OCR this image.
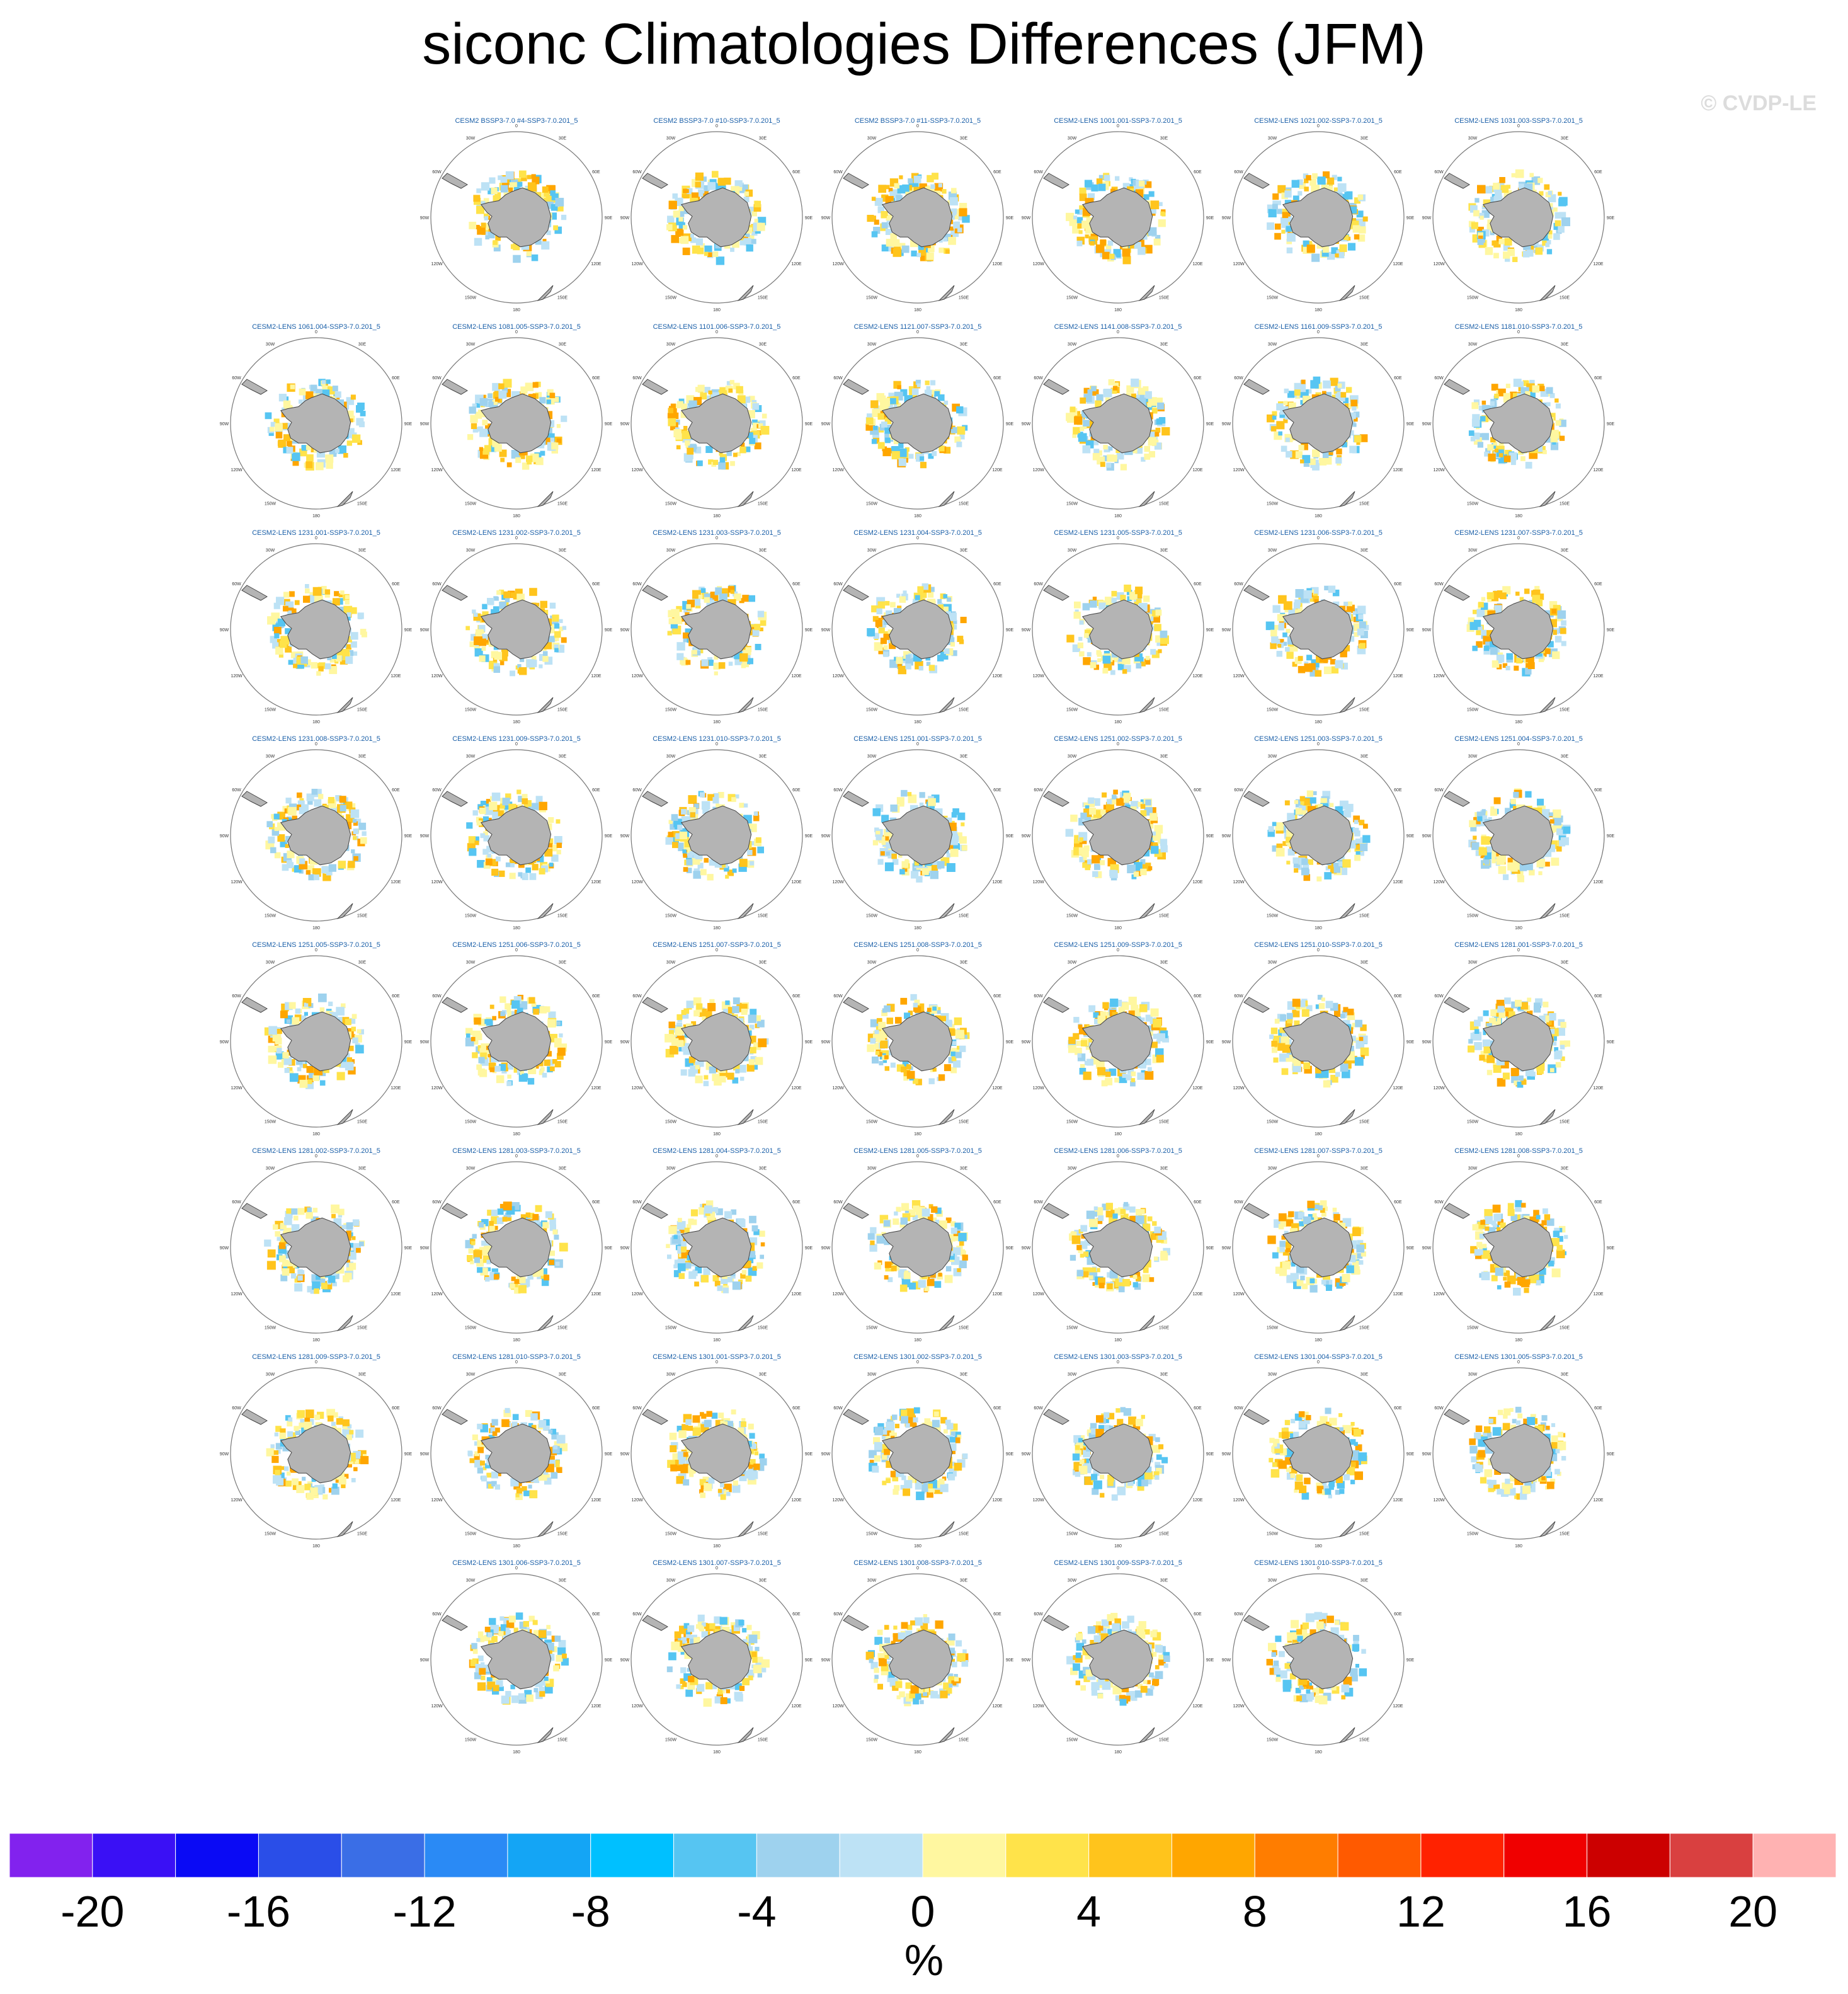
siconc Climatologies Differences (JFM)
© CVDP-LE
CESM2 BSSP3-7.0 #4-SSP3-7.0.201_5
0
30E
60E
90E
120E
150E
180
150W
120W
90W
60W
30W
CESM2 BSSP3-7.0 #10-SSP3-7.0.201_5
0
30E
60E
90E
120E
150E
180
150W
120W
90W
60W
30W
CESM2 BSSP3-7.0 #11-SSP3-7.0.201_5
0
30E
60E
90E
120E
150E
180
150W
120W
90W
60W
30W
CESM2-LENS 1001.001-SSP3-7.0.201_5
0
30E
60E
90E
120E
150E
180
150W
120W
90W
60W
30W
CESM2-LENS 1021.002-SSP3-7.0.201_5
0
30E
60E
90E
120E
150E
180
150W
120W
90W
60W
30W
CESM2-LENS 1031.003-SSP3-7.0.201_5
0
30E
60E
90E
120E
150E
180
150W
120W
90W
60W
30W
CESM2-LENS 1061.004-SSP3-7.0.201_5
0
30E
60E
90E
120E
150E
180
150W
120W
90W
60W
30W
CESM2-LENS 1081.005-SSP3-7.0.201_5
0
30E
60E
90E
120E
150E
180
150W
120W
90W
60W
30W
CESM2-LENS 1101.006-SSP3-7.0.201_5
0
30E
60E
90E
120E
150E
180
150W
120W
90W
60W
30W
CESM2-LENS 1121.007-SSP3-7.0.201_5
0
30E
60E
90E
120E
150E
180
150W
120W
90W
60W
30W
CESM2-LENS 1141.008-SSP3-7.0.201_5
0
30E
60E
90E
120E
150E
180
150W
120W
90W
60W
30W
CESM2-LENS 1161.009-SSP3-7.0.201_5
0
30E
60E
90E
120E
150E
180
150W
120W
90W
60W
30W
CESM2-LENS 1181.010-SSP3-7.0.201_5
0
30E
60E
90E
120E
150E
180
150W
120W
90W
60W
30W
CESM2-LENS 1231.001-SSP3-7.0.201_5
0
30E
60E
90E
120E
150E
180
150W
120W
90W
60W
30W
CESM2-LENS 1231.002-SSP3-7.0.201_5
0
30E
60E
90E
120E
150E
180
150W
120W
90W
60W
30W
CESM2-LENS 1231.003-SSP3-7.0.201_5
0
30E
60E
90E
120E
150E
180
150W
120W
90W
60W
30W
CESM2-LENS 1231.004-SSP3-7.0.201_5
0
30E
60E
90E
120E
150E
180
150W
120W
90W
60W
30W
CESM2-LENS 1231.005-SSP3-7.0.201_5
0
30E
60E
90E
120E
150E
180
150W
120W
90W
60W
30W
CESM2-LENS 1231.006-SSP3-7.0.201_5
0
30E
60E
90E
120E
150E
180
150W
120W
90W
60W
30W
CESM2-LENS 1231.007-SSP3-7.0.201_5
0
30E
60E
90E
120E
150E
180
150W
120W
90W
60W
30W
CESM2-LENS 1231.008-SSP3-7.0.201_5
0
30E
60E
90E
120E
150E
180
150W
120W
90W
60W
30W
CESM2-LENS 1231.009-SSP3-7.0.201_5
0
30E
60E
90E
120E
150E
180
150W
120W
90W
60W
30W
CESM2-LENS 1231.010-SSP3-7.0.201_5
0
30E
60E
90E
120E
150E
180
150W
120W
90W
60W
30W
CESM2-LENS 1251.001-SSP3-7.0.201_5
0
30E
60E
90E
120E
150E
180
150W
120W
90W
60W
30W
CESM2-LENS 1251.002-SSP3-7.0.201_5
0
30E
60E
90E
120E
150E
180
150W
120W
90W
60W
30W
CESM2-LENS 1251.003-SSP3-7.0.201_5
0
30E
60E
90E
120E
150E
180
150W
120W
90W
60W
30W
CESM2-LENS 1251.004-SSP3-7.0.201_5
0
30E
60E
90E
120E
150E
180
150W
120W
90W
60W
30W
CESM2-LENS 1251.005-SSP3-7.0.201_5
0
30E
60E
90E
120E
150E
180
150W
120W
90W
60W
30W
CESM2-LENS 1251.006-SSP3-7.0.201_5
0
30E
60E
90E
120E
150E
180
150W
120W
90W
60W
30W
CESM2-LENS 1251.007-SSP3-7.0.201_5
0
30E
60E
90E
120E
150E
180
150W
120W
90W
60W
30W
CESM2-LENS 1251.008-SSP3-7.0.201_5
0
30E
60E
90E
120E
150E
180
150W
120W
90W
60W
30W
CESM2-LENS 1251.009-SSP3-7.0.201_5
0
30E
60E
90E
120E
150E
180
150W
120W
90W
60W
30W
CESM2-LENS 1251.010-SSP3-7.0.201_5
0
30E
60E
90E
120E
150E
180
150W
120W
90W
60W
30W
CESM2-LENS 1281.001-SSP3-7.0.201_5
0
30E
60E
90E
120E
150E
180
150W
120W
90W
60W
30W
CESM2-LENS 1281.002-SSP3-7.0.201_5
0
30E
60E
90E
120E
150E
180
150W
120W
90W
60W
30W
CESM2-LENS 1281.003-SSP3-7.0.201_5
0
30E
60E
90E
120E
150E
180
150W
120W
90W
60W
30W
CESM2-LENS 1281.004-SSP3-7.0.201_5
0
30E
60E
90E
120E
150E
180
150W
120W
90W
60W
30W
CESM2-LENS 1281.005-SSP3-7.0.201_5
0
30E
60E
90E
120E
150E
180
150W
120W
90W
60W
30W
CESM2-LENS 1281.006-SSP3-7.0.201_5
0
30E
60E
90E
120E
150E
180
150W
120W
90W
60W
30W
CESM2-LENS 1281.007-SSP3-7.0.201_5
0
30E
60E
90E
120E
150E
180
150W
120W
90W
60W
30W
CESM2-LENS 1281.008-SSP3-7.0.201_5
0
30E
60E
90E
120E
150E
180
150W
120W
90W
60W
30W
CESM2-LENS 1281.009-SSP3-7.0.201_5
0
30E
60E
90E
120E
150E
180
150W
120W
90W
60W
30W
CESM2-LENS 1281.010-SSP3-7.0.201_5
0
30E
60E
90E
120E
150E
180
150W
120W
90W
60W
30W
CESM2-LENS 1301.001-SSP3-7.0.201_5
0
30E
60E
90E
120E
150E
180
150W
120W
90W
60W
30W
CESM2-LENS 1301.002-SSP3-7.0.201_5
0
30E
60E
90E
120E
150E
180
150W
120W
90W
60W
30W
CESM2-LENS 1301.003-SSP3-7.0.201_5
0
30E
60E
90E
120E
150E
180
150W
120W
90W
60W
30W
CESM2-LENS 1301.004-SSP3-7.0.201_5
0
30E
60E
90E
120E
150E
180
150W
120W
90W
60W
30W
CESM2-LENS 1301.005-SSP3-7.0.201_5
0
30E
60E
90E
120E
150E
180
150W
120W
90W
60W
30W
CESM2-LENS 1301.006-SSP3-7.0.201_5
0
30E
60E
90E
120E
150E
180
150W
120W
90W
60W
30W
CESM2-LENS 1301.007-SSP3-7.0.201_5
0
30E
60E
90E
120E
150E
180
150W
120W
90W
60W
30W
CESM2-LENS 1301.008-SSP3-7.0.201_5
0
30E
60E
90E
120E
150E
180
150W
120W
90W
60W
30W
CESM2-LENS 1301.009-SSP3-7.0.201_5
0
30E
60E
90E
120E
150E
180
150W
120W
90W
60W
30W
CESM2-LENS 1301.010-SSP3-7.0.201_5
0
30E
60E
90E
120E
150E
180
150W
120W
90W
60W
30W
-20 -16 -12	-8	-4	0	4	8	12	16	20
%
